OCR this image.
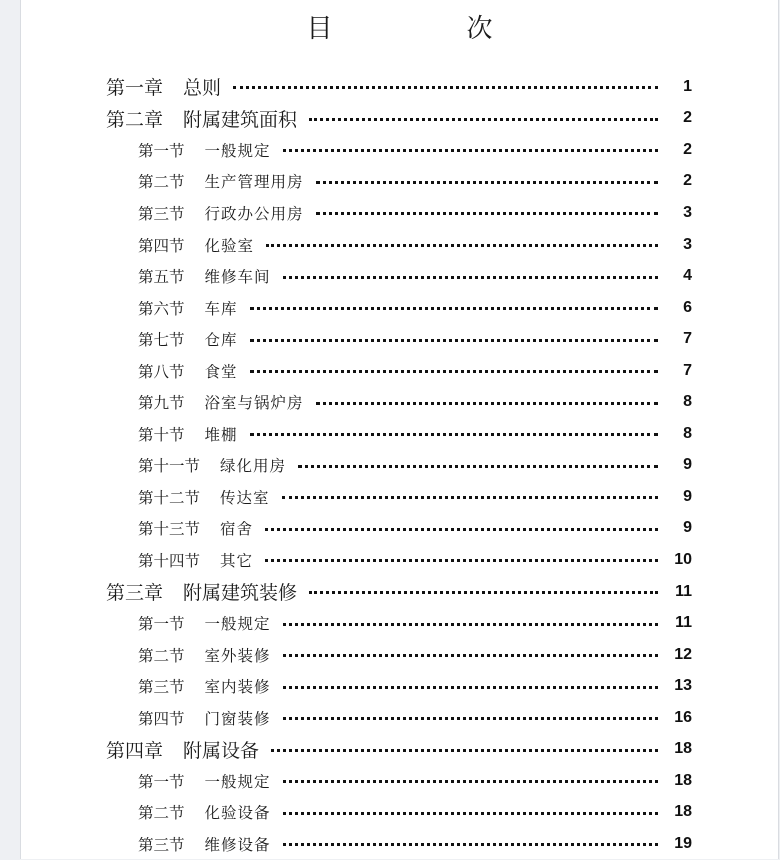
目　次
第一章 总则	1
第二章 附属建筑面积	2
第一节 一般规定	2
第二节 生产管理用房	2
第三节 行政办公用房	3
第四节 化验室	3
第五节 维修车间	4
第六节 车库	6
第七节 仓库	7
第八节 食堂	7
第九节 浴室与锅炉房	8
第十节 堆棚	8
第十一节 绿化用房	9
第十二节 传达室	9
第十三节 宿舍	9
第十四节 其它	10
第三章 附属建筑装修	11
第一节 一般规定	11
第二节 室外装修	12
第三节 室内装修	13
第四节 门窗装修	16
第四章 附属设备	18
第一节 一般规定	18
第二节 化验设备	18
第三节 维修设备	19
